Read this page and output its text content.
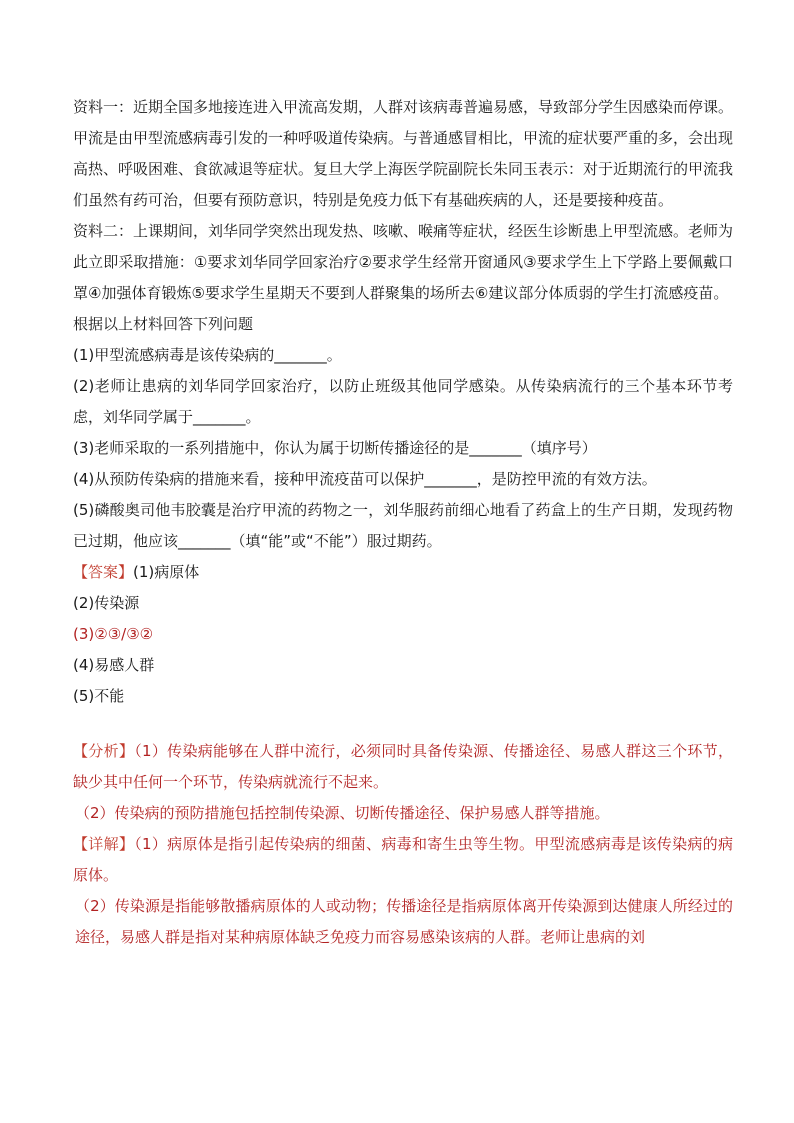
资料一：近期全国多地接连进入甲流高发期，人群对该病毒普遍易感，导致部分学生因感染而停课。甲流是由甲型流感病毒引发的一种呼吸道传染病。与普通感冒相比，甲流的症状要严重的多，会出现高热、呼吸困难、食欲减退等症状。复旦大学上海医学院副院长朱同玉表示：对于近期流行的甲流我们虽然有药可治，但要有预防意识，特别是免疫力低下有基础疾病的人，还是要接种疫苗。

资料二：上课期间，刘华同学突然出现发热、咳嗽、喉痛等症状，经医生诊断患上甲型流感。老师为此立即采取措施：①要求刘华同学回家治疗②要求学生经常开窗通风③要求学生上下学路上要佩戴口罩④加强体育锻炼⑤要求学生星期天不要到人群聚集的场所去⑥建议部分体质弱的学生打流感疫苗。

根据以上材料回答下列问题

(1)甲型流感病毒是该传染病的_______。

(2)老师让患病的刘华同学回家治疗，以防止班级其他同学感染。从传染病流行的三个基本环节考虑，刘华同学属于_______。

(3)老师采取的一系列措施中，你认为属于切断传播途径的是_______（填序号）

(4)从预防传染病的措施来看，接种甲流疫苗可以保护_______，是防控甲流的有效方法。

(5)磷酸奥司他韦胶囊是治疗甲流的药物之一，刘华服药前细心地看了药盒上的生产日期，发现药物已过期，他应该_______（填“能”或“不能”）服过期药。

【答案】(1)病原体

(2)传染源

(3)②③/③②

(4)易感人群

(5)不能

【分析】（1）传染病能够在人群中流行，必须同时具备传染源、传播途径、易感人群这三个环节，缺少其中任何一个环节，传染病就流行不起来。

（2）传染病的预防措施包括控制传染源、切断传播途径、保护易感人群等措施。

【详解】（1）病原体是指引起传染病的细菌、病毒和寄生虫等生物。甲型流感病毒是该传染病的病原体。

（2）传染源是指能够散播病原体的人或动物；传播途径是指病原体离开传染源到达健康人所经过的途径，易感人群是指对某种病原体缺乏免疫力而容易感染该病的人群。老师让患病的刘
